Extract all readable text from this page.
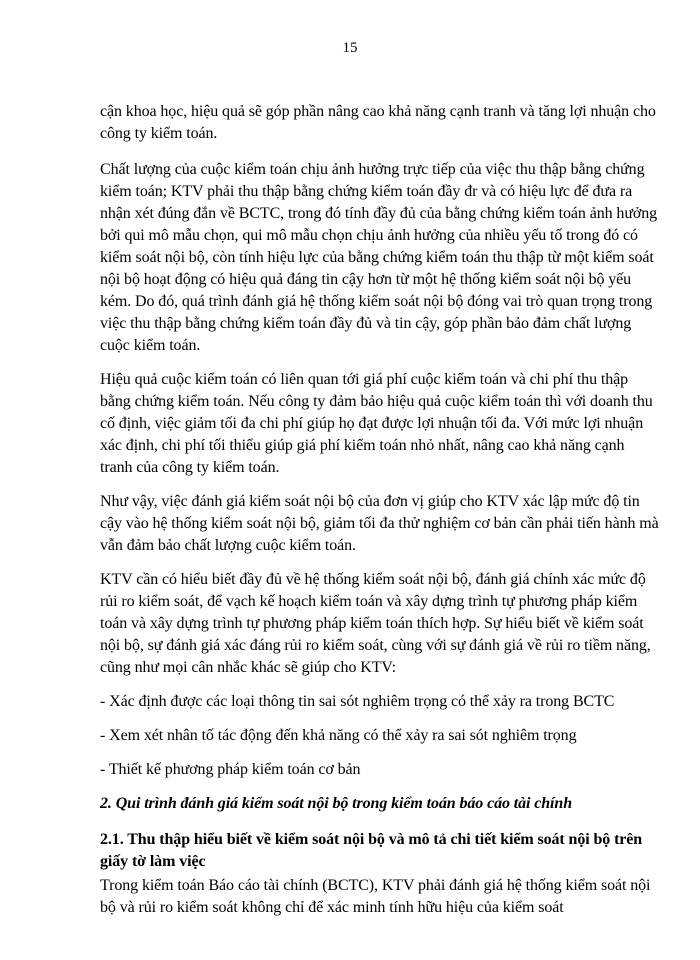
15

cận khoa học, hiệu quả sẽ góp phần nâng cao khả năng cạnh tranh và tăng lợi nhuận cho công ty kiểm toán.

Chất lượng của cuộc kiểm toán chịu ảnh hưởng trực tiếp của việc thu thập bằng chứng kiểm toán; KTV phải thu thập bằng chứng kiểm toán đầy đr và có hiệu lực để đưa ra nhận xét đúng đắn về BCTC, trong đó tính đầy đủ của bằng chứng kiểm toán ảnh hưởng bởi qui mô mẫu chọn, qui mô mẫu chọn chịu ảnh hưởng của nhiều yếu tố trong đó có kiểm soát nội bộ, còn tính hiệu lực của bằng chứng kiểm toán thu thập từ một kiểm soát nội bộ hoạt động có hiệu quả đáng tin cậy hơn từ một hệ thống kiểm soát nội bộ yếu kém. Do đó, quá trình đánh giá hệ thống kiểm soát nội bộ đóng vai trò quan trọng trong việc thu thập bằng chứng kiểm toán đầy đủ và tin cậy, góp phần bảo đảm chất lượng cuộc kiểm toán.

Hiệu quả cuộc kiểm toán có liên quan tới giá phí cuộc kiểm toán và chi phí thu thập bằng chứng kiểm toán. Nếu công ty đảm bảo hiệu quả cuộc kiểm toán thì với doanh thu cố định, việc giảm tối đa chi phí giúp họ đạt được lợi nhuận tối đa. Với mức lợi nhuận xác định, chi phí tối thiểu giúp giá phí kiểm toán nhỏ nhất, nâng cao khả năng cạnh tranh của công ty kiểm toán.

Như vậy, việc đánh giá kiểm soát nội bộ của đơn vị giúp cho KTV xác lập mức độ tin cậy vào hệ thống kiểm soát nội bộ, giảm tối đa thử nghiệm cơ bản cần phải tiến hành mà vẫn đảm bảo chất lượng cuộc kiểm toán.

KTV cần có hiểu biết đầy đủ về hệ thống kiểm soát nội bộ, đánh giá chính xác mức độ rủi ro kiểm soát, để vạch kế hoạch kiểm toán và xây dựng trình tự phương pháp kiểm toán và xây dựng trình tự phương pháp kiểm toán thích hợp. Sự hiểu biết về kiểm soát nội bộ, sự đánh giá xác đáng rủi ro kiểm soát, cùng với sự đánh giá về rủi ro tiềm năng, cũng như mọi cân nhắc khác sẽ giúp cho KTV:

- Xác định được các loại thông tin sai sót nghiêm trọng có thể xảy ra trong BCTC

- Xem xét nhân tố tác động đến khả năng có thể xảy ra sai sót nghiêm trọng

- Thiết kế phương pháp kiểm toán cơ bản

2. Qui trình đánh giá kiểm soát nội bộ trong kiểm toán báo cáo tài chính

2.1. Thu thập hiểu biết về kiểm soát nội bộ và mô tả chi tiết kiểm soát nội bộ trên giấy tờ làm việc

Trong kiểm toán Báo cáo tài chính (BCTC), KTV phải đánh giá hệ thống kiểm soát nội bộ và rủi ro kiểm soát không chỉ để xác minh tính hữu hiệu của kiểm soát
